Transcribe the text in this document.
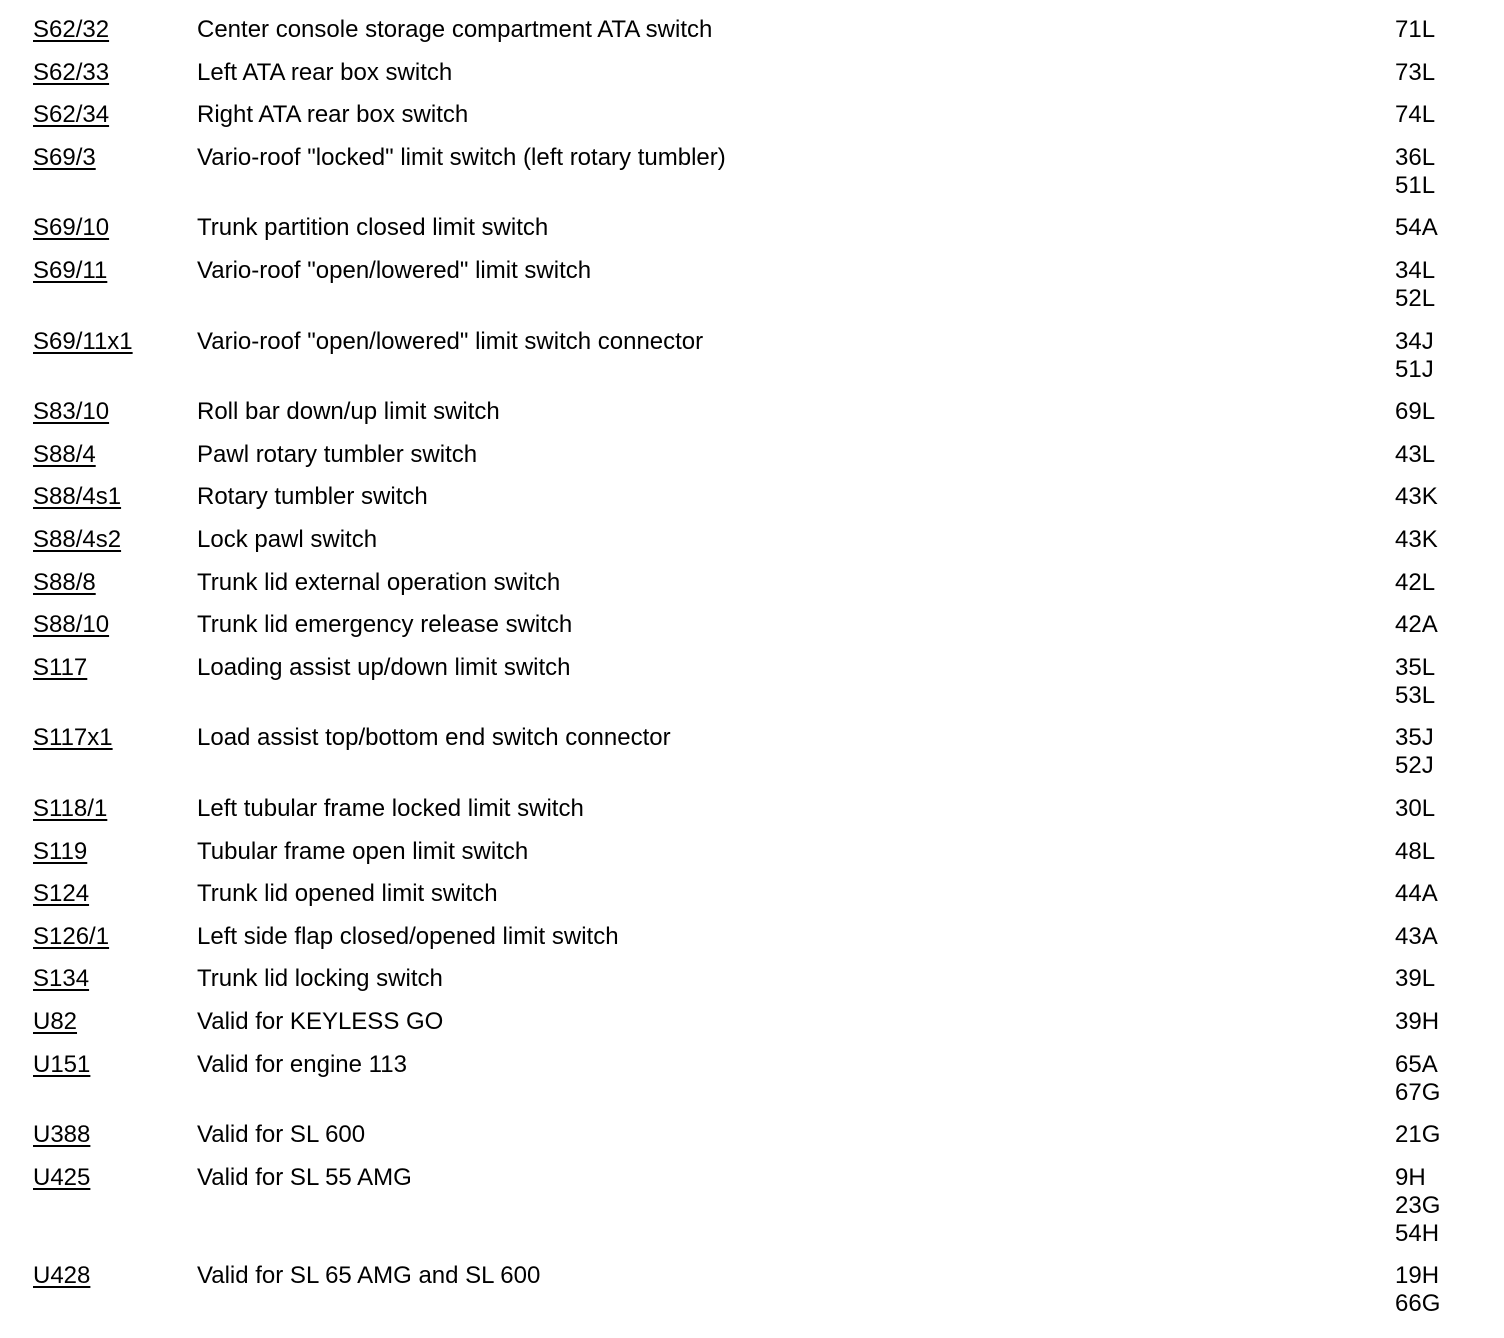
S62/32	Center console storage compartment ATA switch	71L
S62/33	Left ATA rear box switch	73L
S62/34	Right ATA rear box switch	74L
S69/3	Vario-roof "locked" limit switch (left rotary tumbler)	36L
51L
S69/10	Trunk partition closed limit switch	54A
S69/11	Vario-roof "open/lowered" limit switch	34L
52L
S69/11x1	Vario-roof "open/lowered" limit switch connector	34J
51J
S83/10	Roll bar down/up limit switch	69L
S88/4	Pawl rotary tumbler switch	43L
S88/4s1	Rotary tumbler switch	43K
S88/4s2	Lock pawl switch	43K
S88/8	Trunk lid external operation switch	42L
S88/10	Trunk lid emergency release switch	42A
S117	Loading assist up/down limit switch	35L
53L
S117x1	Load assist top/bottom end switch connector	35J
52J
S118/1	Left tubular frame locked limit switch	30L
S119	Tubular frame open limit switch	48L
S124	Trunk lid opened limit switch	44A
S126/1	Left side flap closed/opened limit switch	43A
S134	Trunk lid locking switch	39L
U82	Valid for KEYLESS GO	39H
U151	Valid for engine 113	65A
67G
U388	Valid for SL 600	21G
U425	Valid for SL 55 AMG	9H
23G
54H
U428	Valid for SL 65 AMG and SL 600	19H
66G
